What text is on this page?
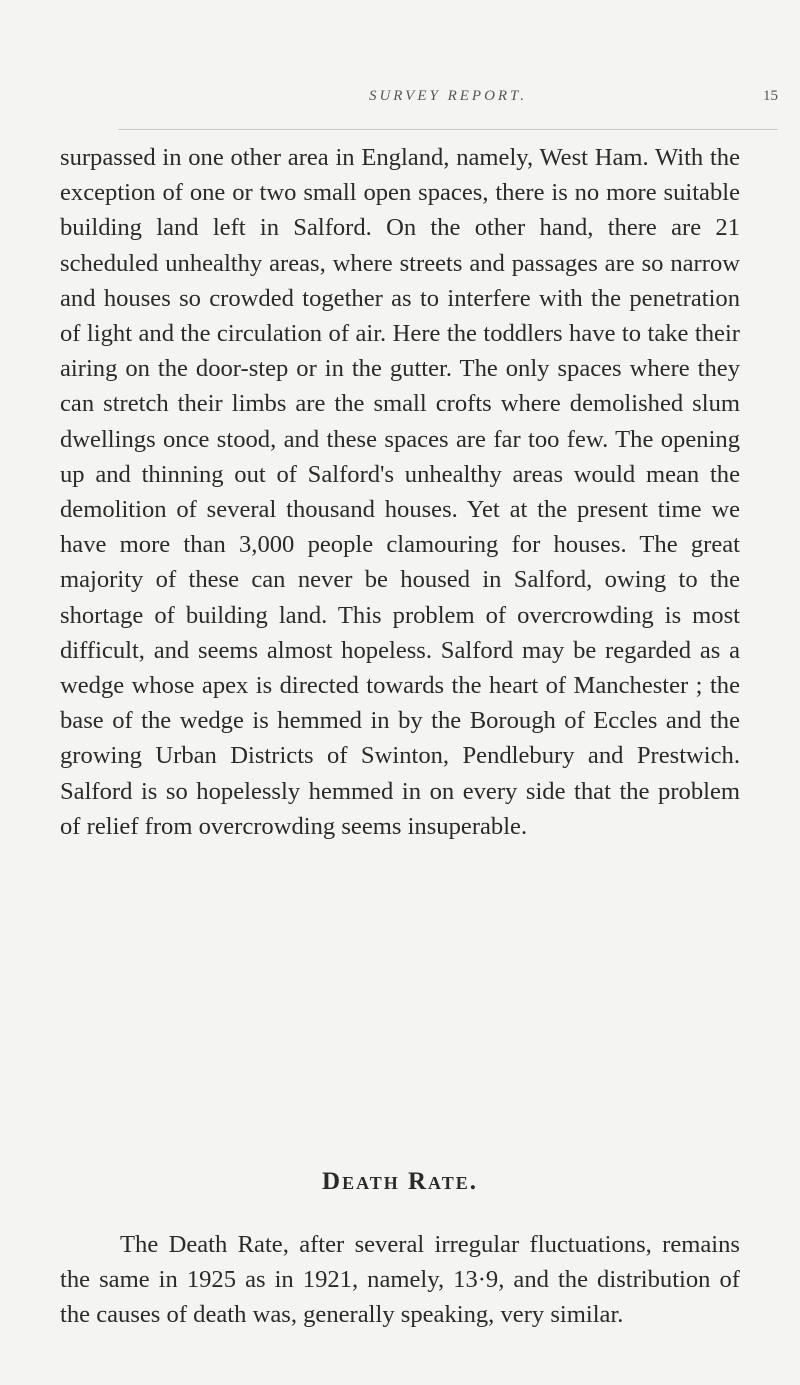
SURVEY REPORT.	15

surpassed in one other area in England, namely, West Ham. With the exception of one or two small open spaces, there is no more suitable building land left in Salford. On the other hand, there are 21 scheduled unhealthy areas, where streets and passages are so narrow and houses so crowded together as to interfere with the penetration of light and the circulation of air. Here the toddlers have to take their airing on the door-step or in the gutter. The only spaces where they can stretch their limbs are the small crofts where demolished slum dwellings once stood, and these spaces are far too few. The opening up and thinning out of Salford's unhealthy areas would mean the demolition of several thousand houses. Yet at the present time we have more than 3,000 people clamouring for houses. The great majority of these can never be housed in Salford, owing to the shortage of building land. This problem of overcrowding is most difficult, and seems almost hopeless. Salford may be regarded as a wedge whose apex is directed towards the heart of Manchester ; the base of the wedge is hemmed in by the Borough of Eccles and the growing Urban Districts of Swinton, Pendlebury and Prestwich. Salford is so hopelessly hemmed in on every side that the problem of relief from overcrowding seems insuperable.

Death Rate.

The Death Rate, after several irregular fluctuations, remains the same in 1925 as in 1921, namely, 13·9, and the distribution of the causes of death was, generally speaking, very similar.
